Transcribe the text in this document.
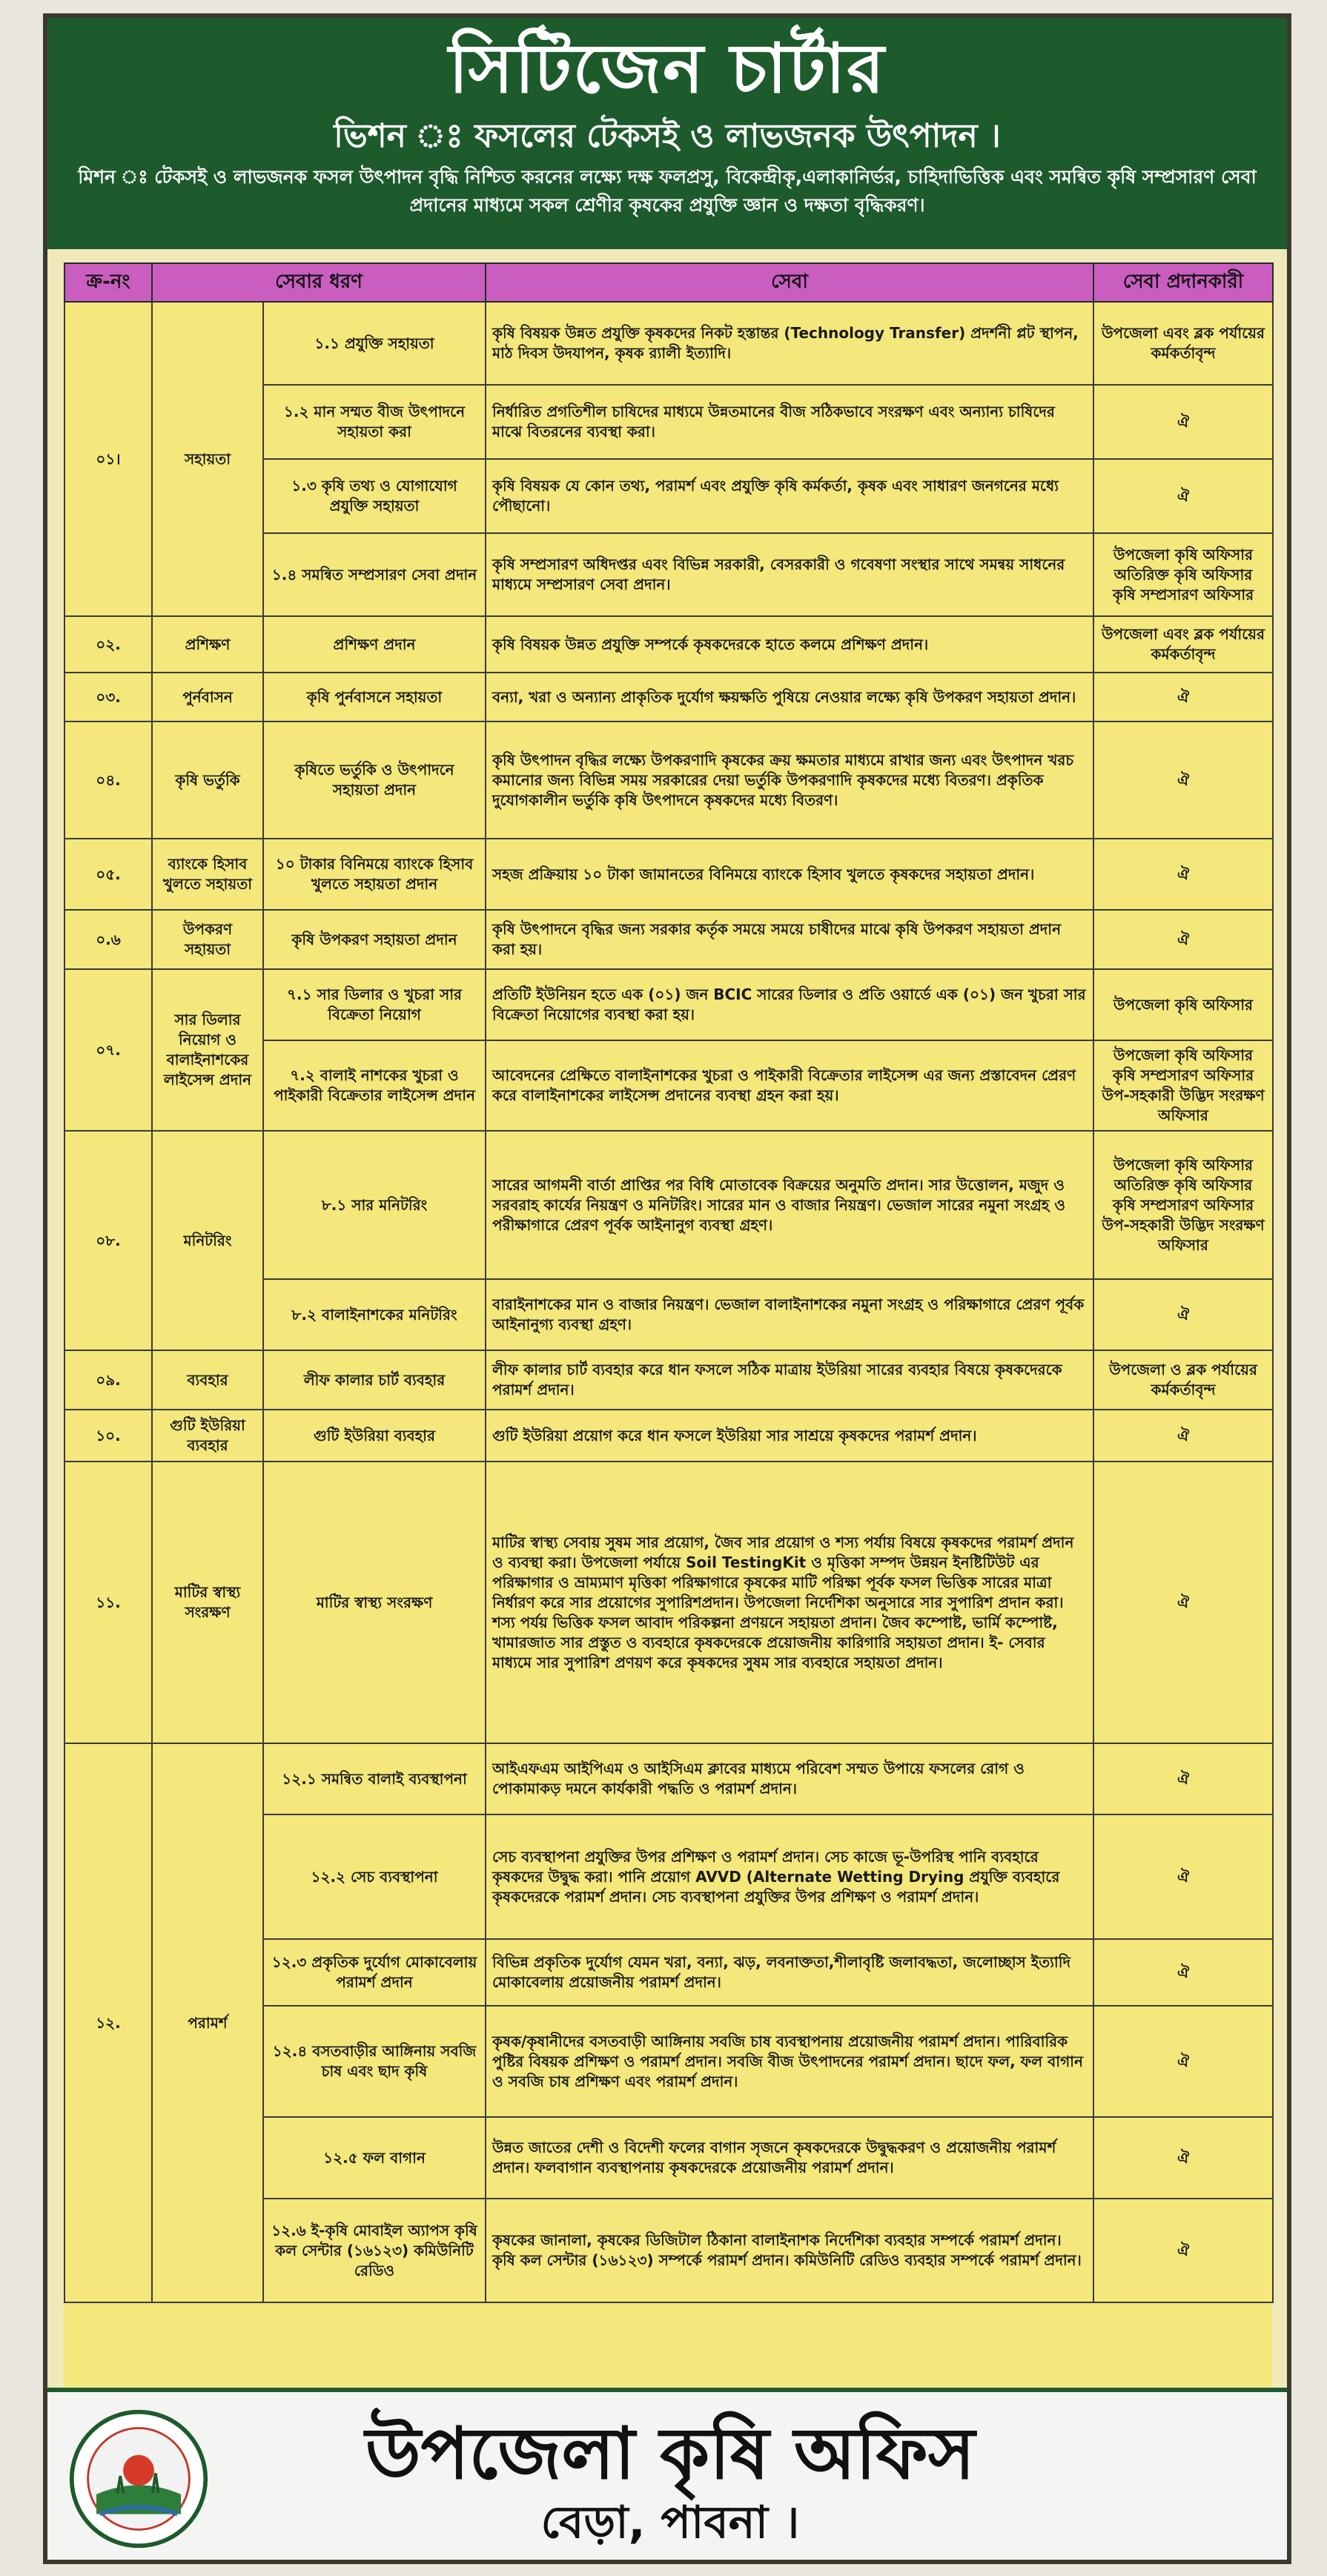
সিটিজেন চার্টার
ভিশন ঃ ফসলের টেকসই ও লাভজনক উৎপাদন ।
মিশন ঃ টেকসই ও লাভজনক ফসল উৎপাদন বৃদ্ধি নিশ্চিত করনের লক্ষ্যে দক্ষ ফলপ্রসু, বিকেন্দ্রীকৃ,এলাকানির্ভর, চাহিদাভিত্তিক এবং সমন্বিত কৃষি সম্প্রসারণ সেবা প্রদানের মাধ্যমে সকল শ্রেণীর কৃষকের প্রযুক্তি জ্ঞান ও দক্ষতা বৃদ্ধিকরণ।
ক্র-নং	সেবার ধরণ		সেবা	সেবা প্রদানকারী
০১।	সহায়তা	১.১ প্রযুক্তি সহায়তা	কৃষি বিষয়ক উন্নত প্রযুক্তি কৃষকদের নিকট হস্তান্তর (Technology Transfer) প্রদর্শনী প্লট স্থাপন, মাঠ দিবস উদযাপন, কৃষক র‍্যালী ইত্যাদি।	উপজেলা এবং ব্লক পর্যায়ের কর্মকর্তাবৃন্দ
		১.২ মান সম্মত বীজ উৎপাদনে সহায়তা করা	নির্ধারিত প্রগতিশীল চাষিদের মাধ্যমে উন্নতমানের বীজ সঠিকভাবে সংরক্ষণ এবং অন্যান্য চাষিদের মাঝে বিতরনের ব্যবস্থা করা।	ঐ
		১.৩ কৃষি তথ্য ও যোগাযোগ প্রযুক্তি সহায়তা	কৃষি বিষয়ক যে কোন তথ্য, পরামর্শ এবং প্রযুক্তি কৃষি কর্মকর্তা, কৃষক এবং সাধারণ জনগনের মধ্যে পৌছানো।	ঐ
		১.৪ সমন্বিত সম্প্রসারণ সেবা প্রদান	কৃষি সম্প্রসারণ অধিদপ্তর এবং বিভিন্ন সরকারী, বেসরকারী ও গবেষণা সংস্থার সাথে সমন্বয় সাধনের মাধ্যমে সম্প্রসারণ সেবা প্রদান।	উপজেলা কৃষি অফিসার অতিরিক্ত কৃষি অফিসার কৃষি সম্প্রসারণ অফিসার
০২.	প্রশিক্ষণ	প্রশিক্ষণ প্রদান	কৃষি বিষয়ক উন্নত প্রযুক্তি সম্পর্কে কৃষকদেরকে হাতে কলমে প্রশিক্ষণ প্রদান।	উপজেলা এবং ব্লক পর্যায়ের কর্মকর্তাবৃন্দ
০৩.	পুর্নবাসন	কৃষি পুর্নবাসনে সহায়তা	বন্যা, খরা ও অন্যান্য প্রাকৃতিক দুর্যোগ ক্ষয়ক্ষতি পুষিয়ে নেওয়ার লক্ষ্যে কৃষি উপকরণ সহায়তা প্রদান।	ঐ
০৪.	কৃষি ভর্তুকি	কৃষিতে ভর্তুকি ও উৎপাদনে সহায়তা প্রদান	কৃষি উৎপাদন বৃদ্ধির লক্ষ্যে উপকরণাদি কৃষকের ক্রয় ক্ষমতার মাধ্যমে রাখার জন্য এবং উৎপাদন খরচ কমানোর জন্য বিভিন্ন সময় সরকারের দেয়া ভর্তুকি উপকরণাদি কৃষকদের মধ্যে বিতরণ। প্রকৃতিক দুযোগকালীন ভর্তুকি কৃষি উৎপাদনে কৃষকদের মধ্যে বিতরণ।	ঐ
০৫.	ব্যাংকে হিসাব খুলতে সহায়তা	১০ টাকার বিনিময়ে ব্যাংকে হিসাব খুলতে সহায়তা প্রদান	সহজ প্রক্রিয়ায় ১০ টাকা জামানতের বিনিময়ে ব্যাংকে হিসাব খুলতে কৃষকদের সহায়তা প্রদান।	ঐ
০.৬	উপকরণ সহায়তা	কৃষি উপকরণ সহায়তা প্রদান	কৃষি উৎপাদনে বৃদ্ধির জন্য সরকার কর্তৃক সময়ে সময়ে চাষীদের মাঝে কৃষি উপকরণ সহায়তা প্রদান করা হয়।	ঐ
০৭.	সার ডিলার নিয়োগ ও বালাইনাশকের লাইসেন্স প্রদান	৭.১ সার ডিলার ও খুচরা সার বিক্রেতা নিয়োগ	প্রতিটি ইউনিয়ন হতে এক (০১) জন BCIC সারের ডিলার ও প্রতি ওয়ার্ডে এক (০১) জন খুচরা সার বিক্রেতা নিয়োগের ব্যবস্থা করা হয়।	উপজেলা কৃষি অফিসার
		৭.২ বালাই নাশকের খুচরা ও পাইকারী বিক্রেতার লাইসেন্স প্রদান	আবেদনের প্রেক্ষিতে বালাইনাশকের খুচরা ও পাইকারী বিক্রেতার লাইসেন্স এর জন্য প্রস্তাবেদন প্রেরণ করে বালাইনাশকের লাইসেন্স প্রদানের ব্যবস্থা গ্রহন করা হয়।	উপজেলা কৃষি অফিসার কৃষি সম্প্রসারণ অফিসার উপ-সহকারী উদ্ভিদ সংরক্ষণ অফিসার
০৮.	মনিটরিং	৮.১ সার মনিটরিং	সারের আগমনী বার্তা প্রাপ্তির পর বিধি মোতাবেক বিক্রয়ের অনুমতি প্রদান। সার উত্তোলন, মজুদ ও সরবরাহ কার্যের নিয়ন্ত্রণ ও মনিটরিং। সারের মান ও বাজার নিয়ন্ত্রণ। ভেজাল সারের নমুনা সংগ্রহ ও পরীক্ষাগারে প্রেরণ পূর্বক আইনানুগ ব্যবস্থা গ্রহণ।	উপজেলা কৃষি অফিসার অতিরিক্ত কৃষি অফিসার কৃষি সম্প্রসারণ অফিসার উপ-সহকারী উদ্ভিদ সংরক্ষণ অফিসার
		৮.২ বালাইনাশকের মনিটরিং	বারাইনাশকের মান ও বাজার নিয়ন্ত্রণ। ভেজাল বালাইনাশকের নমুনা সংগ্রহ ও পরিক্ষাগারে প্রেরণ পূর্বক আইনানুগ্য ব্যবস্থা গ্রহণ।	ঐ
০৯.	ব্যবহার	লীফ কালার চার্ট ব্যবহার	লীফ কালার চার্ট ব্যবহার করে ধান ফসলে সঠিক মাত্রায় ইউরিয়া সারের ব্যবহার বিষয়ে কৃষকদেরকে পরামর্শ প্রদান।	উপজেলা ও ব্লক পর্যায়ের কর্মকর্তাবৃন্দ
১০.	গুটি ইউরিয়া ব্যবহার	গুটি ইউরিয়া ব্যবহার	গুটি ইউরিয়া প্রয়োগ করে ধান ফসলে ইউরিয়া সার সাশ্রয়ে কৃষকদের পরামর্শ প্রদান।	ঐ
১১.	মাটির স্বাস্থ্য সংরক্ষণ	মাটির স্বাস্থ্য সংরক্ষণ	মাটির স্বাস্থ্য সেবায় সুষম সার প্রয়োগ, জৈব সার প্রয়োগ ও শস্য পর্যায় বিষয়ে কৃষকদের পরামর্শ প্রদান ও ব্যবস্থা করা। উপজেলা পর্যায়ে Soil TestingKit ও মৃত্তিকা সম্পদ উন্নয়ন ইনষ্টিটিউট এর পরিক্ষাগার ও ভ্রাম্যমাণ মৃত্তিকা পরিক্ষাগারে কৃষকের মাটি পরিক্ষা পূর্বক ফসল ভিত্তিক সারের মাত্রা নির্ধারণ করে সার প্রয়োগের সুপারিশপ্রদান। উপজেলা নির্দেশিকা অনুসারে সার সুপারিশ প্রদান করা। শস্য পর্যয় ভিত্তিক ফসল আবাদ পরিকল্পনা প্রণয়নে সহায়তা প্রদান। জৈব কম্পোষ্ট, ভার্মি কম্পোষ্ট, খামারজাত সার প্রস্তুত ও ব্যবহারে কৃষকদেরকে প্রয়োজনীয় কারিগারি সহায়তা প্রদান। ই- সেবার মাধ্যমে সার সুপারিশ প্রণয়ণ করে কৃষকদের সুষম সার ব্যবহারে সহায়তা প্রদান।	ঐ
১২.	পরামর্শ	১২.১ সমন্বিত বালাই ব্যবস্থাপনা	আইএফএম আইপিএম ও আইসিএম ক্লাবের মাধ্যমে পরিবেশ সম্মত উপায়ে ফসলের রোগ ও পোকামাকড় দমনে কার্যকারী পদ্ধতি ও পরামর্শ প্রদান।	ঐ
		১২.২ সেচ ব্যবস্থাপনা	সেচ ব্যবস্থাপনা প্রযুক্তির উপর প্রশিক্ষণ ও পরামর্শ প্রদান। সেচ কাজে ভূ-উপরিস্থ পানি ব্যবহারে কৃষকদের উদ্বুদ্ধ করা। পানি প্রয়োগ AVVD (Alternate Wetting Drying প্রযুক্তি ব্যবহারে কৃষকদেরকে পরামর্শ প্রদান। সেচ ব্যবস্থাপনা প্রযুক্তির উপর প্রশিক্ষণ ও পরামর্শ প্রদান।	ঐ
		১২.৩ প্রকৃতিক দুর্যোগ মোকাবেলায় পরামর্শ প্রদান	বিভিন্ন প্রকৃতিক দুর্যোগ যেমন খরা, বন্যা, ঝড়, লবনাক্ততা,শীলাবৃষ্টি জলাবদ্ধতা, জলোচ্ছাস ইত্যাদি মোকাবেলায় প্রয়োজনীয় পরামর্শ প্রদান।	ঐ
		১২.৪ বসতবাড়ীর আঙ্গিনায় সবজি চাষ এবং ছাদ কৃষি	কৃষক/কৃষানীদের বসতবাড়ী আঙ্গিনায় সবজি চাষ ব্যবস্থাপনায় প্রয়োজনীয় পরামর্শ প্রদান। পারিবারিক পুষ্টির বিষয়ক প্রশিক্ষণ ও পরামর্শ প্রদান। সবজি বীজ উৎপাদনের পরামর্শ প্রদান। ছাদে ফল, ফল বাগান ও সবজি চাষ প্রশিক্ষণ এবং পরামর্শ প্রদান।	ঐ
		১২.৫ ফল বাগান	উন্নত জাতের দেশী ও বিদেশী ফলের বাগান সৃজনে কৃষকদেরকে উদ্বুদ্ধকরণ ও প্রয়োজনীয় পরামর্শ প্রদান। ফলবাগান ব্যবস্থাপনায় কৃষকদেরকে প্রয়োজনীয় পরামর্শ প্রদান।	ঐ
		১২.৬ ই-কৃষি মোবাইল অ্যাপস কৃষি কল সেন্টার (১৬১২৩) কমিউনিটি রেডিও	কৃষকের জানালা, কৃষকের ডিজিটাল ঠিকানা বালাইনাশক নির্দেশিকা ব্যবহার সম্পর্কে পরামর্শ প্রদান। কৃষি কল সেন্টার (১৬১২৩) সম্পর্কে পরামর্শ প্রদান। কমিউনিটি রেডিও ব্যবহার সম্পর্কে পরামর্শ প্রদান।	ঐ
উপজেলা কৃষি অফিস
বেড়া, পাবনা ।
